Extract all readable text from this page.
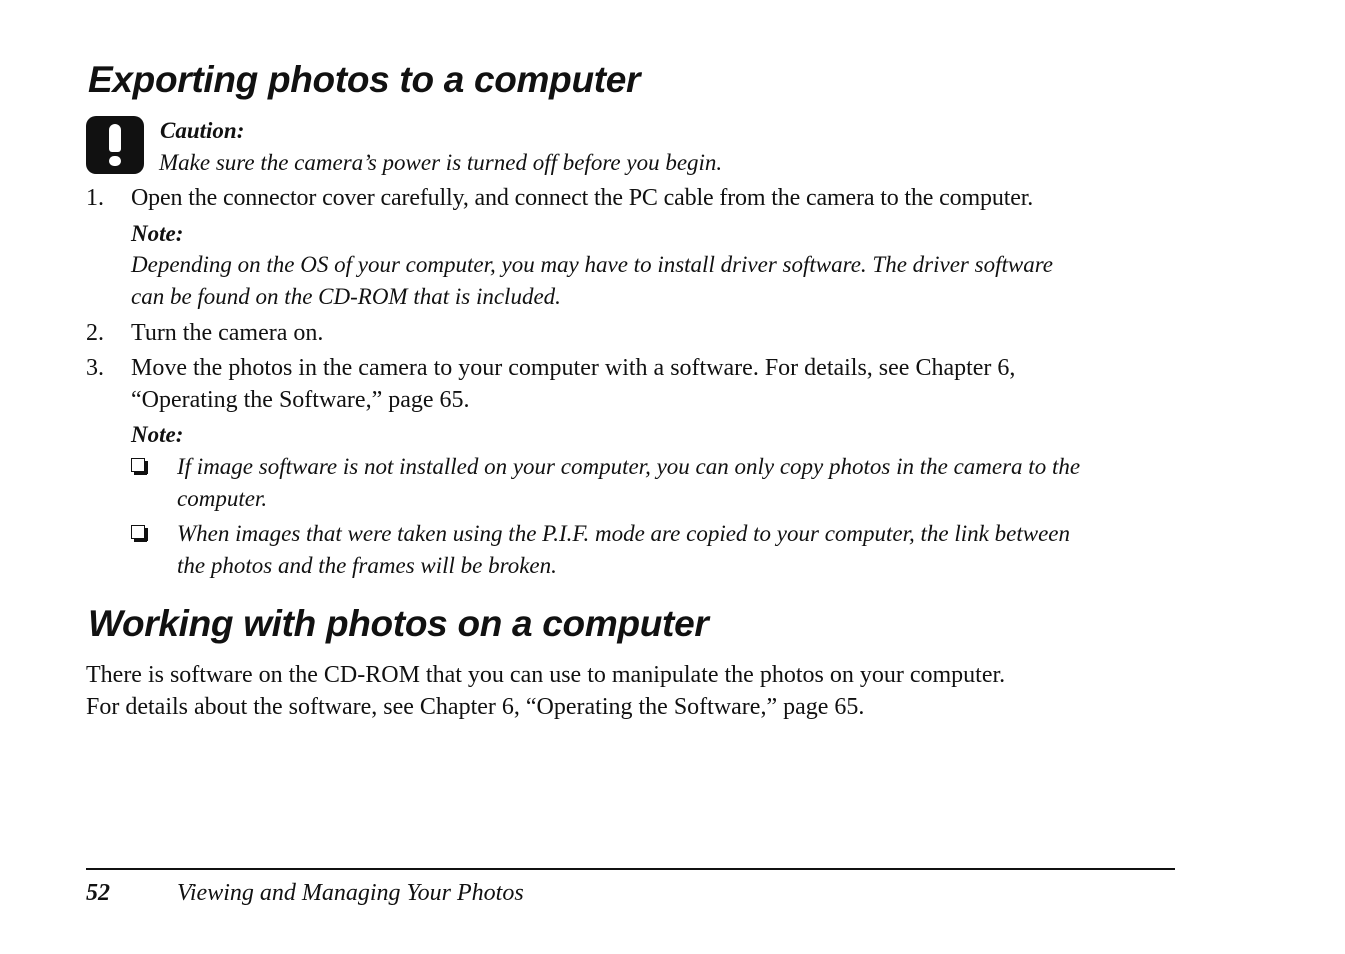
Exporting photos to a computer
Caution:
Make sure the camera’s power is turned off before you begin.
1.	Open the connector cover carefully, and connect the PC cable from the camera to the computer.
Note:
Depending on the OS of your computer, you may have to install driver software. The driver software
can be found on the CD-ROM that is included.
2.	Turn the camera on.
3.	Move the photos in the camera to your computer with a software. For details, see Chapter 6,
“Operating the Software,” page 65.
Note:
If image software is not installed on your computer, you can only copy photos in the camera to the
computer.
When images that were taken using the P.I.F. mode are copied to your computer, the link between
the photos and the frames will be broken.
Working with photos on a computer
There is software on the CD-ROM that you can use to manipulate the photos on your computer.
For details about the software, see Chapter 6, “Operating the Software,” page 65.
52	Viewing and Managing Your Photos
